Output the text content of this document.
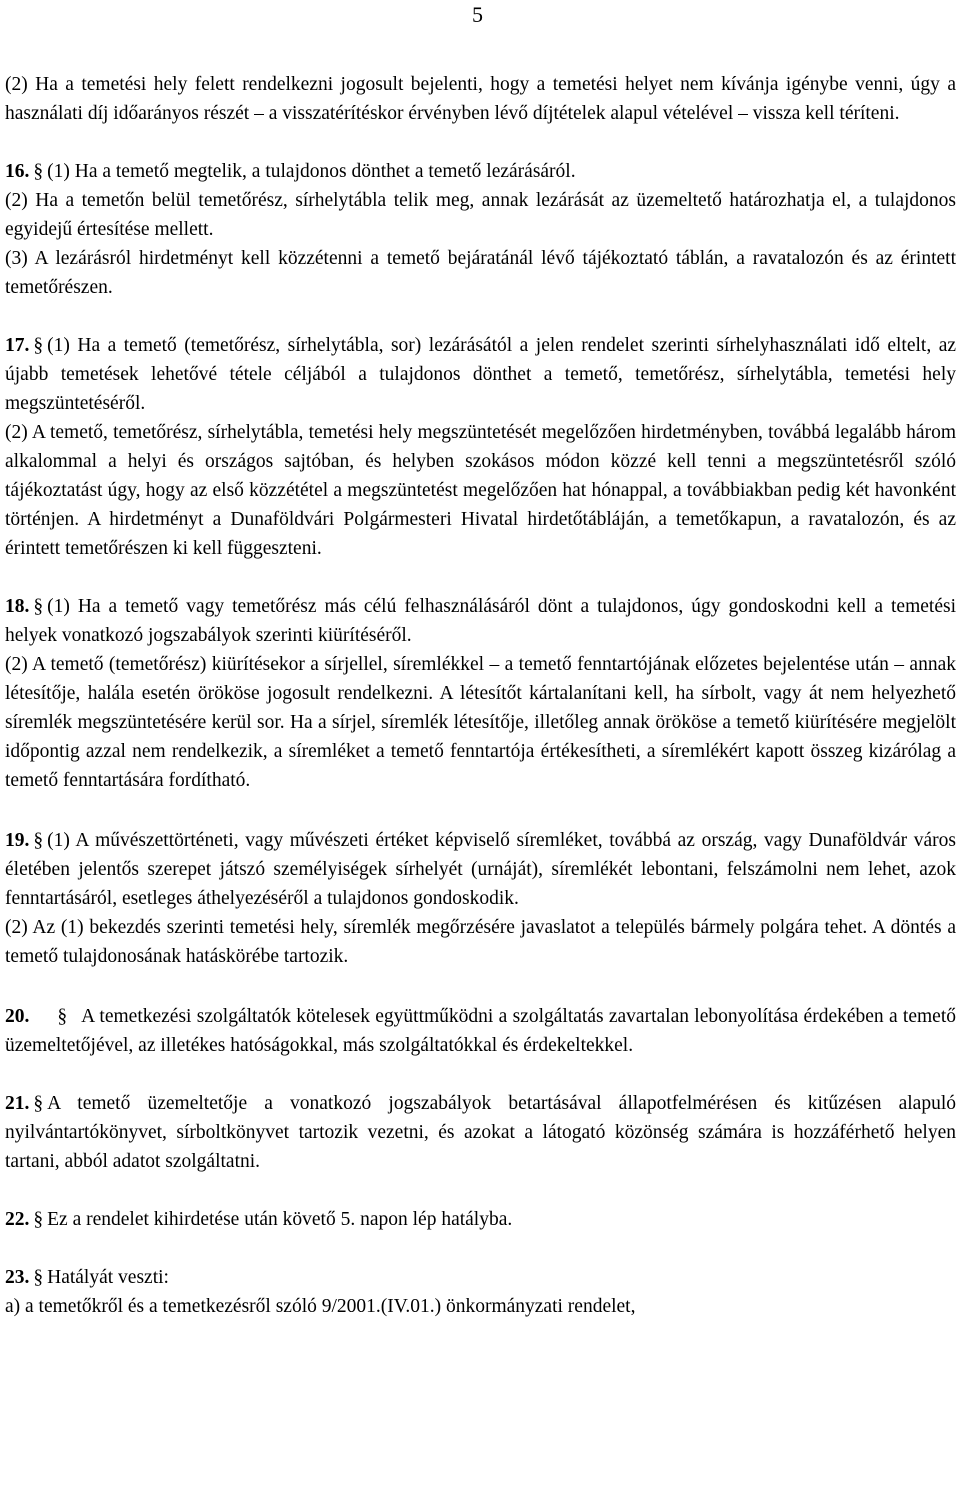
5

(2) Ha a temetési hely felett rendelkezni jogosult bejelenti, hogy a temetési helyet nem kívánja igénybe venni, úgy a használati díj időarányos részét – a visszatérítéskor érvényben lévő díjtételek alapul vételével – vissza kell téríteni.

16. § (1) Ha a temető megtelik, a tulajdonos dönthet a temető lezárásáról.

(2) Ha a temetőn belül temetőrész, sírhelytábla telik meg, annak lezárását az üzemeltető határozhatja el, a tulajdonos egyidejű értesítése mellett.

(3) A lezárásról hirdetményt kell közzétenni a temető bejáratánál lévő tájékoztató táblán, a ravatalozón és az érintett temetőrészen.

17. § (1) Ha a temető (temetőrész, sírhelytábla, sor) lezárásától a jelen rendelet szerinti sírhelyhasználati idő eltelt, az újabb temetések lehetővé tétele céljából a tulajdonos dönthet a temető, temetőrész, sírhelytábla, temetési hely megszüntetéséről.

(2) A temető, temetőrész, sírhelytábla, temetési hely megszüntetését megelőzően hirdetményben, továbbá legalább három alkalommal a helyi és országos sajtóban, és helyben szokásos módon közzé kell tenni a megszüntetésről szóló tájékoztatást úgy, hogy az első közzététel a megszüntetést megelőzően hat hónappal, a továbbiakban pedig két havonként történjen. A hirdetményt a Dunaföldvári Polgármesteri Hivatal hirdetőtábláján, a temetőkapun, a ravatalozón, és az érintett temetőrészen ki kell függeszteni.

18. § (1) Ha a temető vagy temetőrész más célú felhasználásáról dönt a tulajdonos, úgy gondoskodni kell a temetési helyek vonatkozó jogszabályok szerinti kiürítéséről.

(2) A temető (temetőrész) kiürítésekor a sírjellel, síremlékkel – a temető fenntartójának előzetes bejelentése után – annak létesítője, halála esetén örököse jogosult rendelkezni. A létesítőt kártalanítani kell, ha sírbolt, vagy át nem helyezhető síremlék megszüntetésére kerül sor. Ha a sírjel, síremlék létesítője, illetőleg annak örököse a temető kiürítésére megjelölt időpontig azzal nem rendelkezik, a síremléket a temető fenntartója értékesítheti, a síremlékért kapott összeg kizárólag a temető fenntartására fordítható.

19. § (1) A művészettörténeti, vagy művészeti értéket képviselő síremléket, továbbá az ország, vagy Dunaföldvár város életében jelentős szerepet játszó személyiségek sírhelyét (urnáját), síremlékét lebontani, felszámolni nem lehet, azok fenntartásáról, esetleges áthelyezéséről a tulajdonos gondoskodik.

(2) Az (1) bekezdés szerinti temetési hely, síremlék megőrzésére javaslatot a település bármely polgára tehet. A döntés a temető tulajdonosának hatáskörébe tartozik.

20. § A temetkezési szolgáltatók kötelesek együttműködni a szolgáltatás zavartalan lebonyolítása érdekében a temető üzemeltetőjével, az illetékes hatóságokkal, más szolgáltatókkal és érdekeltekkel.

21. § A temető üzemeltetője a vonatkozó jogszabályok betartásával állapotfelmérésen és kitűzésen alapuló nyilvántartókönyvet, sírboltkönyvet tartozik vezetni, és azokat a látogató közönség számára is hozzáférhető helyen tartani, abból adatot szolgáltatni.

22. § Ez a rendelet kihirdetése után követő 5. napon lép hatályba.

23. § Hatályát veszti:

a) a temetőkről és a temetkezésről szóló 9/2001.(IV.01.) önkormányzati rendelet,
